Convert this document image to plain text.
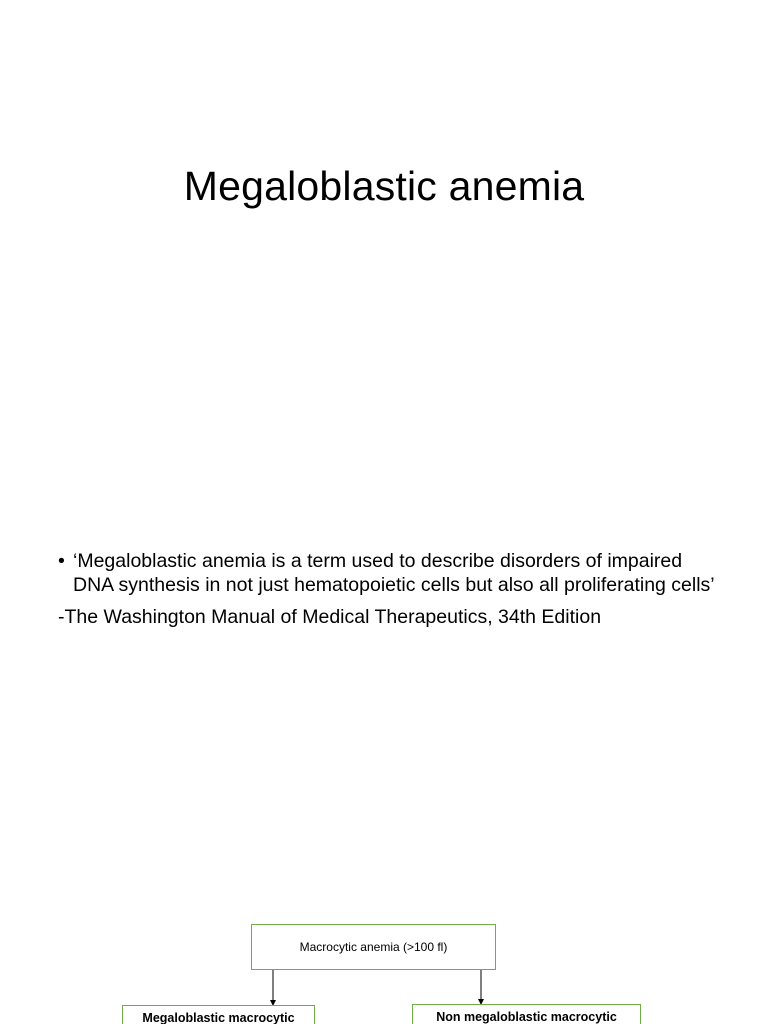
Megaloblastic anemia
• ‘Megaloblastic anemia is a term used to describe disorders of impaired DNA synthesis in not just hematopoietic cells but also all proliferating cells’
-The Washington Manual of Medical Therapeutics, 34th Edition
Macrocytic anemia (>100 fl)
Megaloblastic macrocytic	Non megaloblastic macrocytic
